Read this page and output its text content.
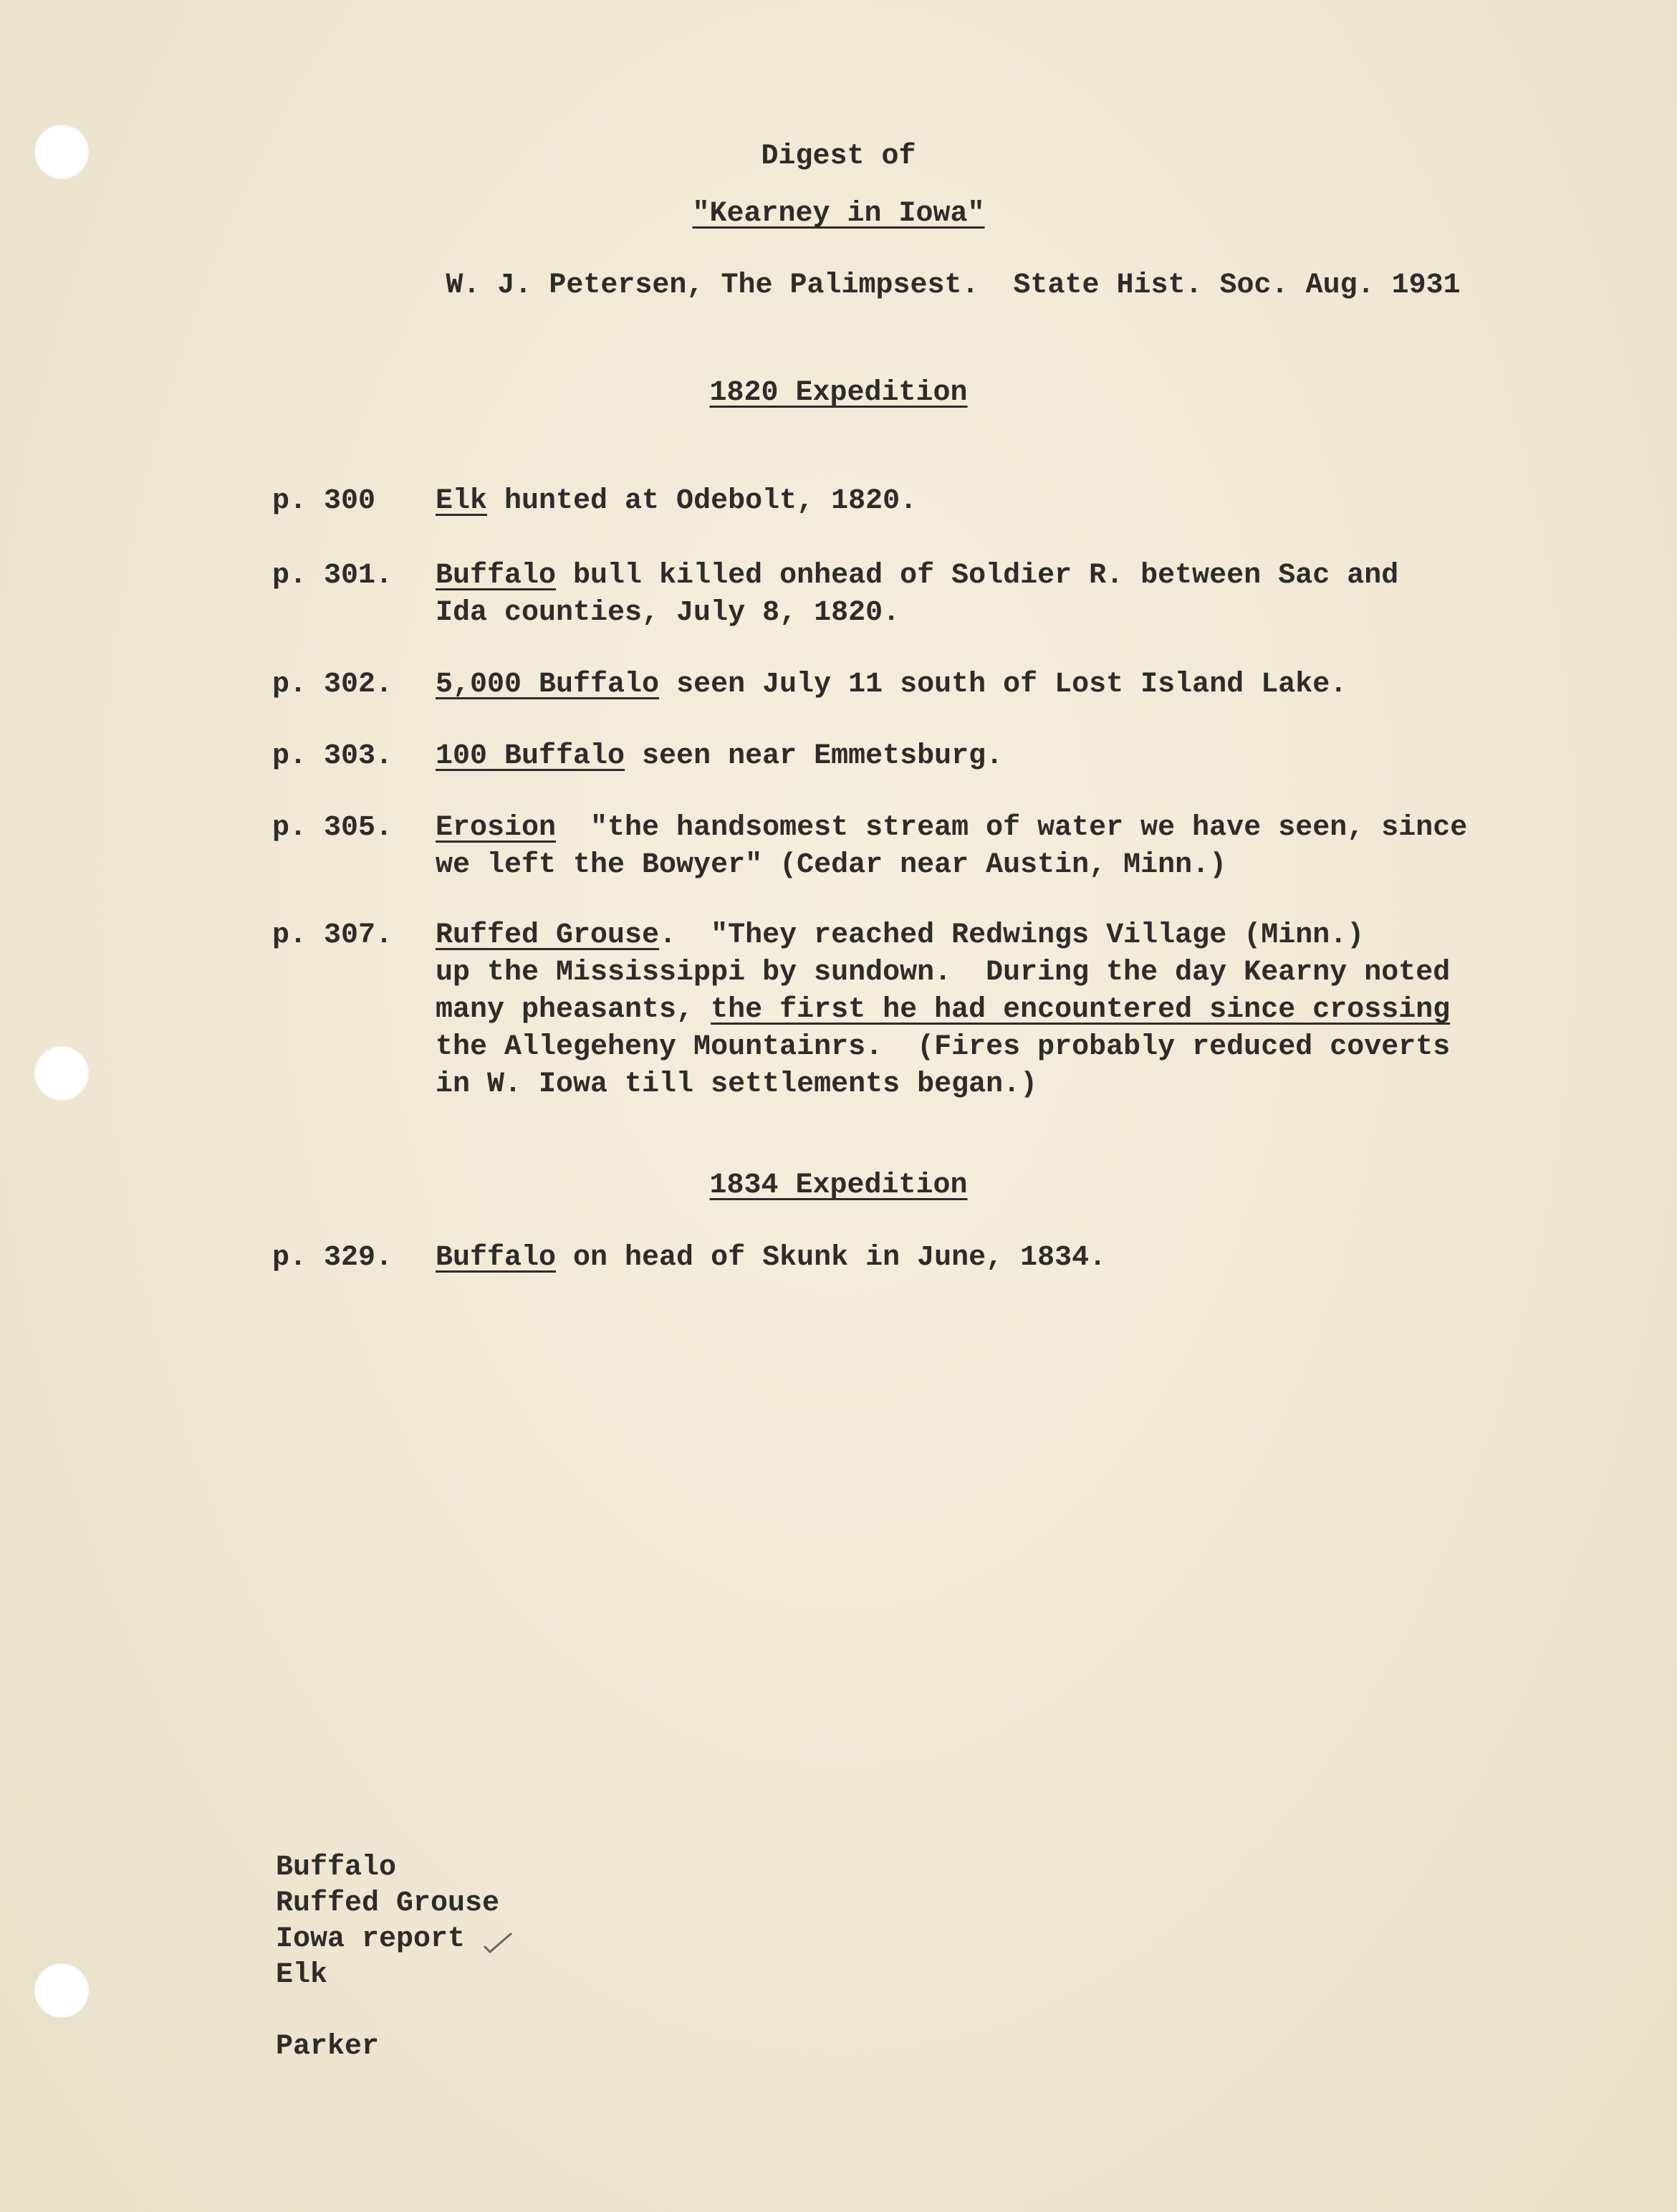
Digest of
"Kearney in Iowa"
W. J. Petersen, The Palimpsest.  State Hist. Soc. Aug. 1931
1820 Expedition
p. 300 Elk hunted at Odebolt, 1820.
p. 301. Buffalo bull killed onhead of Soldier R. between Sac and
Ida counties, July 8, 1820.
p. 302. 5,000 Buffalo seen July 11 south of Lost Island Lake.
p. 303. 100 Buffalo seen near Emmetsburg.
p. 305. Erosion  "the handsomest stream of water we have seen, since
we left the Bowyer" (Cedar near Austin, Minn.)
p. 307. Ruffed Grouse.  "They reached Redwings Village (Minn.)
up the Mississippi by sundown.  During the day Kearny noted
many pheasants, the first he had encountered since crossing
the Allegeheny Mountainrs.  (Fires probably reduced coverts
in W. Iowa till settlements began.)
1834 Expedition
p. 329. Buffalo on head of Skunk in June, 1834.
Buffalo
Ruffed Grouse
Iowa report
Elk
Parker
